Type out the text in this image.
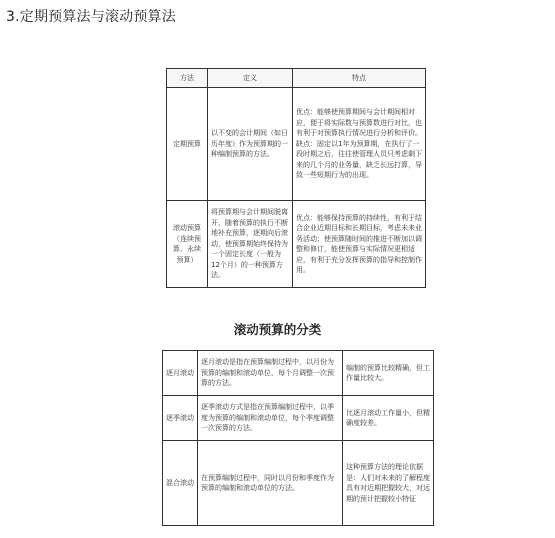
3.定期预算法与滚动预算法
方法	定义	特点
定期预算	以不变的会计期间（如日历年度）作为预算期的一种编制预算的方法。	优点：能够使预算期间与会计期间相对应，便于将实际数与预算数进行对比，也有利于对预算执行情况进行分析和评价。缺点：固定以1年为预算期，在执行了一段时期之后，往往使管理人员只考虑剩下来的几个月的业务量，缺乏长远打算，导致一些短期行为的出现。
滚动预算（连续预算、永续预算）	将预算期与会计期间脱离开，随着预算的执行不断地补充预算，逐期向后滚动，使预算期始终保持为一个固定长度（一般为12个月）的一种预算方法。	优点：能够保持预算的持续性，有利于结合企业近期目标和长期目标，考虑未来业务活动；使预算随时间的推进不断加以调整和修订，能使预算与实际情况更相适应，有利于充分发挥预算的指导和控制作用。
滚动预算的分类
逐月滚动	逐月滚动是指在预算编制过程中，以月份为预算的编制和滚动单位，每个月调整一次预算的方法。	编制的预算比较精确，但工作量比较大。
逐季滚动	逐季滚动方式是指在预算编制过程中，以季度为预算的编制和滚动单位，每个季度调整一次预算的方法。	比逐月滚动工作量小，但精确度较差。
混合滚动	在预算编制过程中，同时以月份和季度作为预算的编制和滚动单位的方法。	这种预算方法的理论依据是：人们对未来的了解程度具有对近期把握较大，对远期的预计把握较小特征
